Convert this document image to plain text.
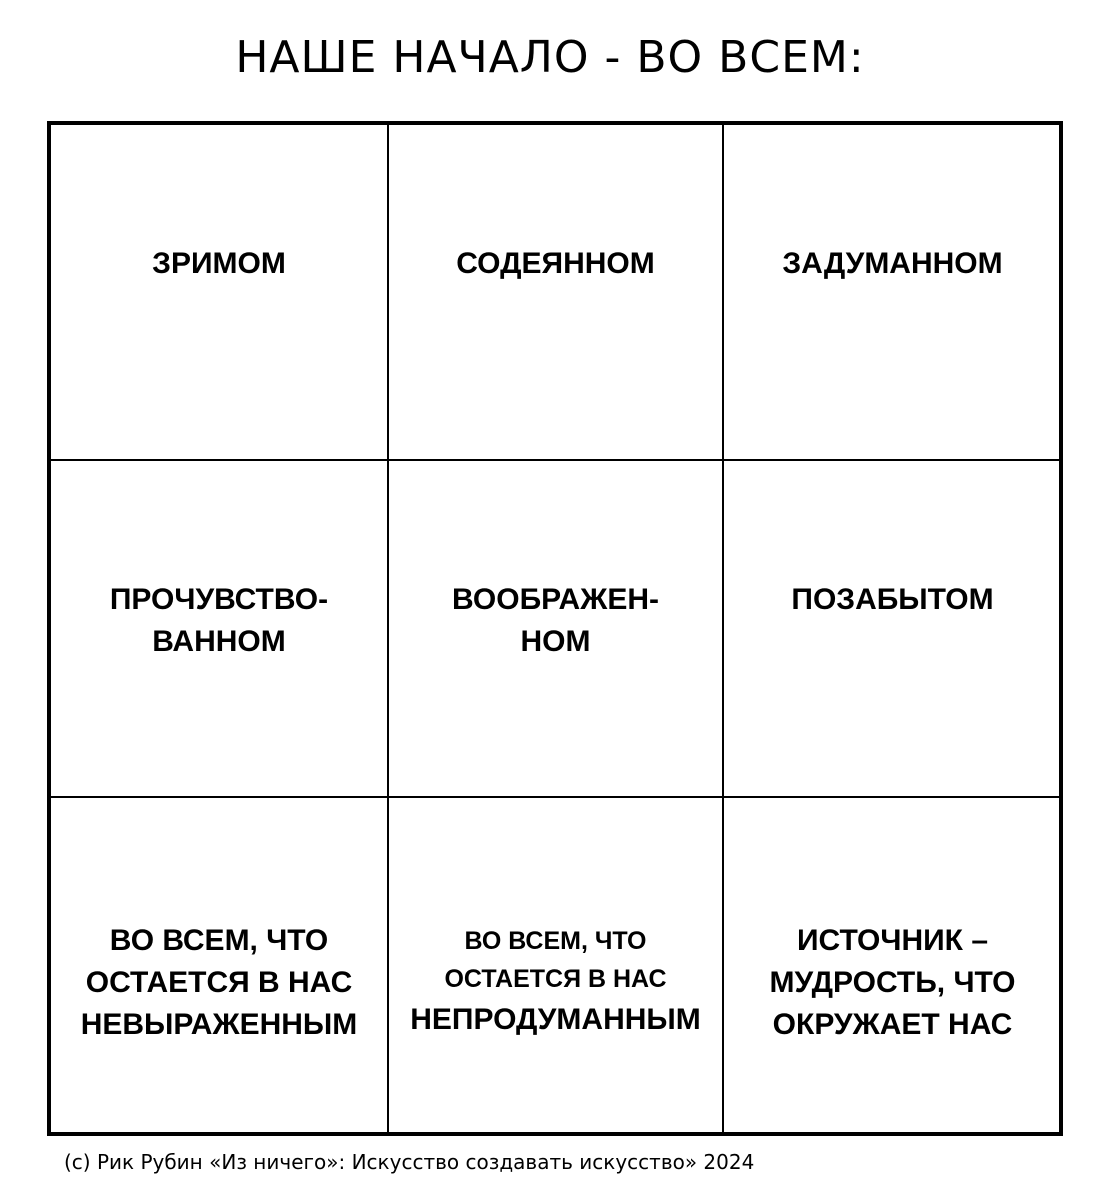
НАШЕ НАЧАЛО - ВО ВСЕМ:
ЗРИМОМ	СОДЕЯННОМ	ЗАДУМАННОМ
ПРОЧУВСТВО-
ВАННОМ
ВООБРАЖЕН-
НОМ
ПОЗАБЫТОМ
ВО ВСЕМ, ЧТО
ОСТАЕТСЯ В НАС
НЕВЫРАЖЕННЫМ
ВО ВСЕМ, ЧТО
ОСТАЕТСЯ В НАС
НЕПРОДУМАННЫМ
ИСТОЧНИК –
МУДРОСТЬ, ЧТО
ОКРУЖАЕТ НАС
(с) Рик Рубин «Из ничего»: Искусство создавать искусство» 2024
